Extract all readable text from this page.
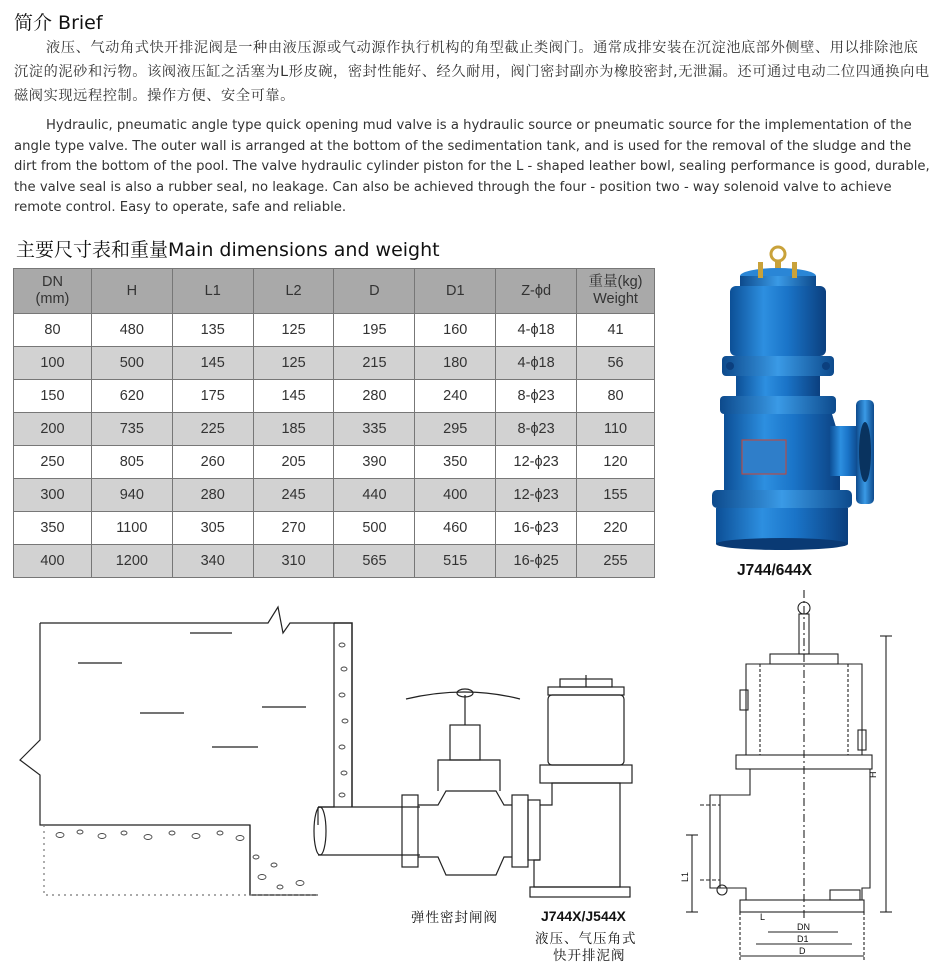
简介 Brief
液压、气动角式快开排泥阀是一种由液压源或气动源作执行机构的角型截止类阀门。通常成排安装在沉淀池底部外侧壁、用以排除池底沉淀的泥砂和污物。该阀液压缸之活塞为L形皮碗，密封性能好、经久耐用，阀门密封副亦为橡胶密封,无泄漏。还可通过电动二位四通换向电磁阀实现远程控制。操作方便、安全可靠。
Hydraulic, pneumatic angle type quick opening mud valve is a hydraulic source or pneumatic source for the implementation of the angle type valve. The outer wall is arranged at the bottom of the sedimentation tank, and is used for the removal of the sludge and the dirt from the bottom of the pool. The valve hydraulic cylinder piston for the L - shaped leather bowl, sealing performance is good, durable, the valve seal is also a rubber seal, no leakage. Can also be achieved through the four - position two - way solenoid valve to achieve remote control. Easy to operate, safe and reliable.
主要尺寸表和重量Main dimensions and weight
DN
(mm)	H	L1	L2	D	D1	Z-ϕd	重量(kg)
Weight
80	480	135	125	195	160	4-ϕ18	41
100	500	145	125	215	180	4-ϕ18	56
150	620	175	145	280	240	8-ϕ23	80
200	735	225	185	335	295	8-ϕ23	110
250	805	260	205	390	350	12-ϕ23	120
300	940	280	245	440	400	12-ϕ23	155
350	1100	305	270	500	460	16-ϕ23	220
400	1200	340	310	565	515	16-ϕ25	255
J744/644X
弹性密封闸阀	J744X/J544X
液压、气压角式
快开排泥阀
H
L1
L
DN
D1
D
